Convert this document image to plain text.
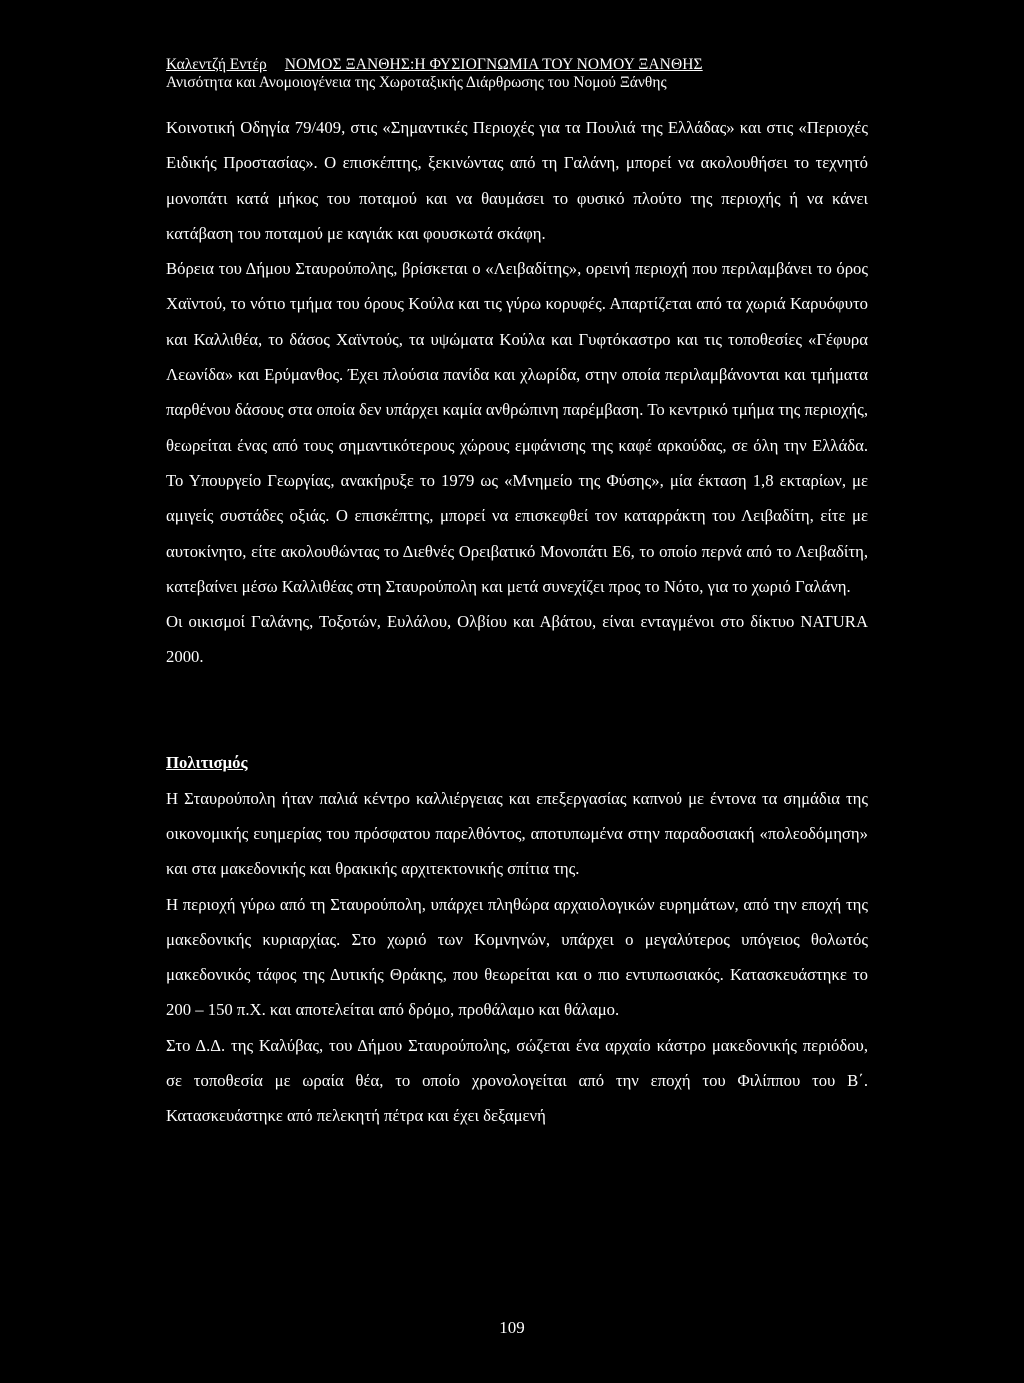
Καλεντζή Εντέρ ΝΟΜΟΣ ΞΑΝΘΗΣ:Η ΦΥΣΙΟΓΝΩΜΙΑ ΤΟΥ ΝΟΜΟΥ ΞΑΝΘΗΣ
Ανισότητα και Ανομοιογένεια της Χωροταξικής Διάρθρωσης του Νομού Ξάνθης

Κοινοτική Οδηγία 79/409, στις «Σημαντικές Περιοχές για τα Πουλιά της Ελλάδας» και στις «Περιοχές Ειδικής Προστασίας». Ο επισκέπτης, ξεκινώντας από τη Γαλάνη, μπορεί να ακολουθήσει το τεχνητό μονοπάτι κατά μήκος του ποταμού και να θαυμάσει το φυσικό πλούτο της περιοχής ή να κάνει κατάβαση του ποταμού με καγιάκ και φουσκωτά σκάφη.

Βόρεια του Δήμου Σταυρούπολης, βρίσκεται ο «Λειβαδίτης», ορεινή περιοχή που περιλαμβάνει το όρος Χαϊντού, το νότιο τμήμα του όρους Κούλα και τις γύρω κορυφές. Απαρτίζεται από τα χωριά Καρυόφυτο και Καλλιθέα, το δάσος Χαϊντούς, τα υψώματα Κούλα και Γυφτόκαστρο και τις τοποθεσίες «Γέφυρα Λεωνίδα» και Ερύμανθος. Έχει πλούσια πανίδα και χλωρίδα, στην οποία περιλαμβάνονται και τμήματα παρθένου δάσους στα οποία δεν υπάρχει καμία ανθρώπινη παρέμβαση. Το κεντρικό τμήμα της περιοχής, θεωρείται ένας από τους σημαντικότερους χώρους εμφάνισης της καφέ αρκούδας, σε όλη την Ελλάδα. Το Υπουργείο Γεωργίας, ανακήρυξε το 1979 ως «Μνημείο της Φύσης», μία έκταση 1,8 εκταρίων, με αμιγείς συστάδες οξιάς. Ο επισκέπτης, μπορεί να επισκεφθεί τον καταρράκτη του Λειβαδίτη, είτε με αυτοκίνητο, είτε ακολουθώντας το Διεθνές Ορειβατικό Μονοπάτι Ε6, το οποίο περνά από το Λειβαδίτη, κατεβαίνει μέσω Καλλιθέας στη Σταυρούπολη και μετά συνεχίζει προς το Νότο, για το χωριό Γαλάνη.

Οι οικισμοί Γαλάνης, Τοξοτών, Ευλάλου, Ολβίου και Αβάτου, είναι ενταγμένοι στο δίκτυο NATURA 2000.

Πολιτισμός

Η Σταυρούπολη ήταν παλιά κέντρο καλλιέργειας και επεξεργασίας καπνού με έντονα τα σημάδια της οικονομικής ευημερίας του πρόσφατου παρελθόντος, αποτυπωμένα στην παραδοσιακή «πολεοδόμηση» και στα μακεδονικής και θρακικής αρχιτεκτονικής σπίτια της.

Η περιοχή γύρω από τη Σταυρούπολη, υπάρχει πληθώρα αρχαιολογικών ευρημάτων, από την εποχή της μακεδονικής κυριαρχίας. Στο χωριό των Κομνηνών, υπάρχει ο μεγαλύτερος υπόγειος θολωτός μακεδονικός τάφος της Δυτικής Θράκης, που θεωρείται και ο πιο εντυπωσιακός. Κατασκευάστηκε το 200 – 150 π.Χ. και αποτελείται από δρόμο, προθάλαμο και θάλαμο.

Στο Δ.Δ. της Καλύβας, του Δήμου Σταυρούπολης, σώζεται ένα αρχαίο κάστρο μακεδονικής περιόδου, σε τοποθεσία με ωραία θέα, το οποίο χρονολογείται από την εποχή του Φιλίππου του Β΄. Κατασκευάστηκε από πελεκητή πέτρα και έχει δεξαμενή

109
